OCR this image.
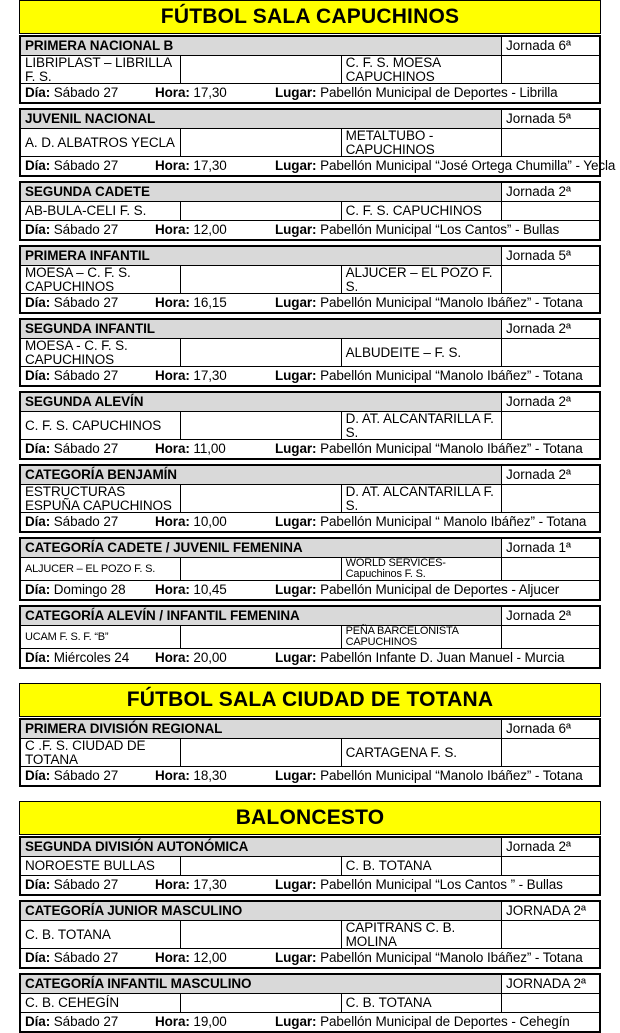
FÚTBOL SALA CAPUCHINOS
PRIMERA NACIONAL B			Jornada 6ª
LIBRIPLAST – LIBRILLA F. S.		C. F. S. MOESA CAPUCHINOS	
Día: Sábado 27 Hora: 17,30 Lugar: Pabellón Municipal de Deportes - Librilla			
JUVENIL NACIONAL			Jornada 5ª
A. D. ALBATROS YECLA		METALTUBO - CAPUCHINOS	
Día: Sábado 27 Hora: 17,30 Lugar: Pabellón Municipal “José Ortega Chumilla” - Yecla			
SEGUNDA CADETE			Jornada 2ª
AB-BULA-CELI F. S.		C. F. S. CAPUCHINOS	
Día: Sábado 27 Hora: 12,00 Lugar: Pabellón Municipal “Los Cantos” - Bullas			
PRIMERA INFANTIL			Jornada 5ª
MOESA – C. F. S. CAPUCHINOS		ALJUCER – EL POZO F. S.	
Día: Sábado 27 Hora: 16,15 Lugar: Pabellón Municipal “Manolo Ibáñez” - Totana			
SEGUNDA INFANTIL			Jornada 2ª
MOESA - C. F. S. CAPUCHINOS		ALBUDEITE – F. S.	
Día: Sábado 27 Hora: 17,30 Lugar: Pabellón Municipal “Manolo Ibáñez” - Totana			
SEGUNDA ALEVÍN			Jornada 2ª
C. F. S. CAPUCHINOS		D. AT. ALCANTARILLA F. S.	
Día: Sábado 27 Hora: 11,00 Lugar: Pabellón Municipal “Manolo Ibáñez” - Totana			
CATEGORÍA BENJAMÍN			Jornada 2ª
ESTRUCTURAS ESPUÑA CAPUCHINOS		D. AT. ALCANTARILLA F. S.	
Día: Sábado 27 Hora: 10,00 Lugar: Pabellón Municipal “ Manolo Ibáñez” - Totana			
CATEGORÍA CADETE / JUVENIL FEMENINA			Jornada 1ª
ALJUCER – EL POZO F. S.		WORLD SERVICES-Capuchinos F. S.	
Día: Domingo 28 Hora: 10,45 Lugar: Pabellón Municipal de Deportes - Aljucer			
CATEGORÍA ALEVÍN / INFANTIL FEMENINA			Jornada 2ª
UCAM F. S. F. “B”		PEÑA BARCELONISTA CAPUCHINOS	
Día: Miércoles 24 Hora: 20,00 Lugar: Pabellón Infante D. Juan Manuel - Murcia			
FÚTBOL SALA CIUDAD DE TOTANA
PRIMERA DIVISIÓN REGIONAL			Jornada 6ª
C .F. S. CIUDAD DE TOTANA		CARTAGENA F. S.	
Día: Sábado 27 Hora: 18,30 Lugar: Pabellón Municipal “Manolo Ibáñez” - Totana			
BALONCESTO
SEGUNDA DIVISIÓN AUTONÓMICA			Jornada 2ª
NOROESTE BULLAS		C. B. TOTANA	
Día: Sábado 27 Hora: 17,30 Lugar: Pabellón Municipal “Los Cantos ” - Bullas			
CATEGORÍA JUNIOR MASCULINO			JORNADA 2ª
C. B. TOTANA		CAPITRANS C. B. MOLINA	
Día: Sábado 27 Hora: 12,00 Lugar: Pabellón Municipal “Manolo Ibáñez” - Totana			
CATEGORÍA INFANTIL MASCULINO			JORNADA 2ª
C. B. CEHEGÍN		C. B. TOTANA	
Día: Sábado 27 Hora: 19,00 Lugar: Pabellón Municipal de Deportes - Cehegín			
